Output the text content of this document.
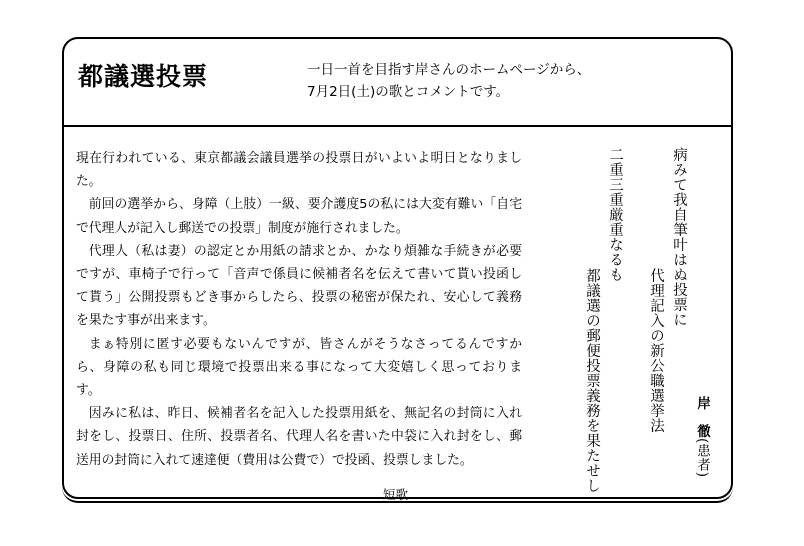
都議選投票	一日一首を目指す岸さんのホームページから、
7月2日(土)の歌とコメントです。

現在行われている、東京都議会議員選挙の投票日がいよいよ明日となりました。

前回の選挙から、身障（上肢）一級、要介護度5の私には大変有難い「自宅で代理人が記入し郵送での投票」制度が施行されました。

代理人（私は妻）の認定とか用紙の請求とか、かなり煩雑な手続きが必要ですが、車椅子で行って「音声で係員に候補者名を伝えて書いて貰い投函して貰う」公開投票もどき事からしたら、投票の秘密が保たれ、安心して義務を果たす事が出来ます。

まぁ特別に匿す必要もないんですが、皆さんがそうなさってるんですから、身障の私も同じ環境で投票出来る事になって大変嬉しく思っております。

因みに私は、昨日、候補者名を記入した投票用紙を、無記名の封筒に入れ封をし、投票日、住所、投票者名、代理人名を書いた中袋に入れ封をし、郵送用の封筒に入れて速達便（費用は公費で）で投函、投票しました。

病みて我自筆叶はぬ投票に
代理記入の新公職選挙法
二重三重厳重なるも
都議選の郵便投票義務を果たせし	岸　徹(患者)
短歌
